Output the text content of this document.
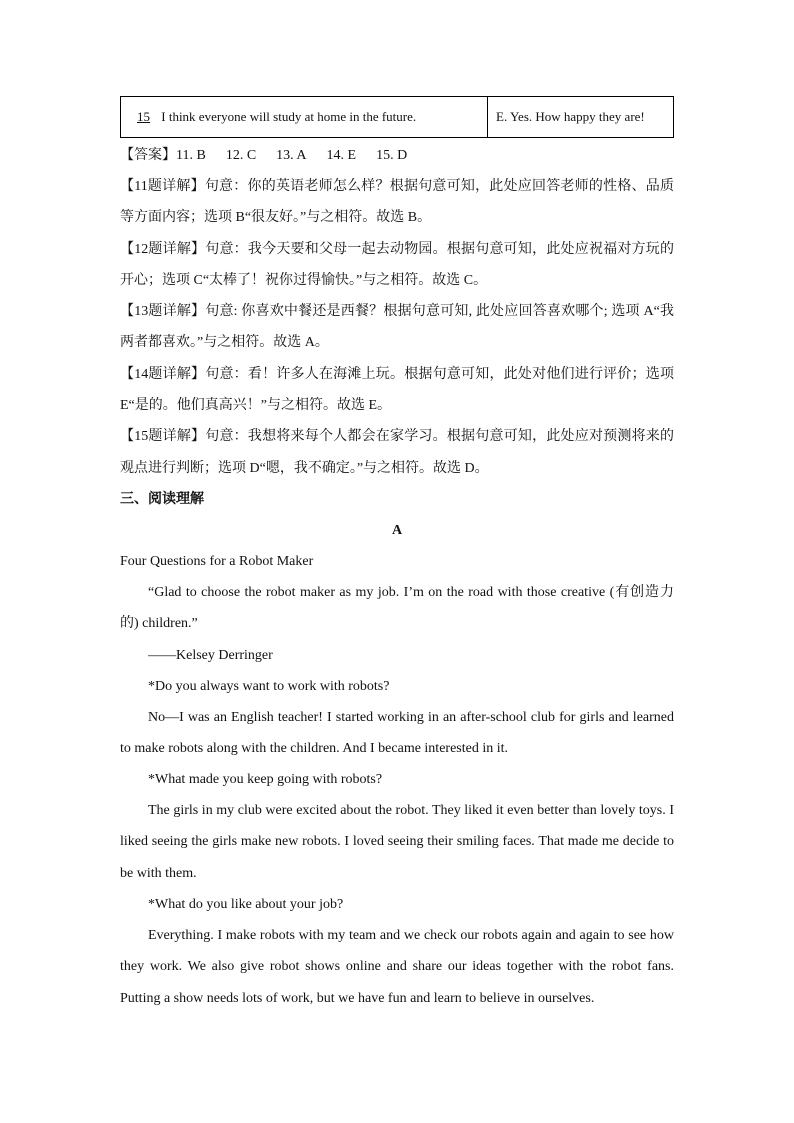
15 I think everyone will study at home in the future.	E. Yes. How happy they are!

【答案】11. B 12. C 13. A 14. E 15. D

【11题详解】句意：你的英语老师怎么样？根据句意可知，此处应回答老师的性格、品质等方面内容；选项 B“很友好。”与之相符。故选 B。

【12题详解】句意：我今天要和父母一起去动物园。根据句意可知，此处应祝福对方玩的开心；选项 C“太棒了！祝你过得愉快。”与之相符。故选 C。

【13题详解】句意: 你喜欢中餐还是西餐？根据句意可知, 此处应回答喜欢哪个; 选项 A“我两者都喜欢。”与之相符。故选 A。

【14题详解】句意：看！许多人在海滩上玩。根据句意可知，此处对他们进行评价；选项 E“是的。他们真高兴！”与之相符。故选 E。

【15题详解】句意：我想将来每个人都会在家学习。根据句意可知，此处应对预测将来的观点进行判断；选项 D“嗯，我不确定。”与之相符。故选 D。

三、阅读理解

A

Four Questions for a Robot Maker

“Glad to choose the robot maker as my job. I’m on the road with those creative (有创造力的) children.”

——Kelsey Derringer

*Do you always want to work with robots?

No—I was an English teacher! I started working in an after-school club for girls and learned to make robots along with the children. And I became interested in it.

*What made you keep going with robots?

The girls in my club were excited about the robot. They liked it even better than lovely toys. I liked seeing the girls make new robots. I loved seeing their smiling faces. That made me decide to be with them.

*What do you like about your job?

Everything. I make robots with my team and we check our robots again and again to see how they work. We also give robot shows online and share our ideas together with the robot fans. Putting a show needs lots of work, but we have fun and learn to believe in ourselves.
